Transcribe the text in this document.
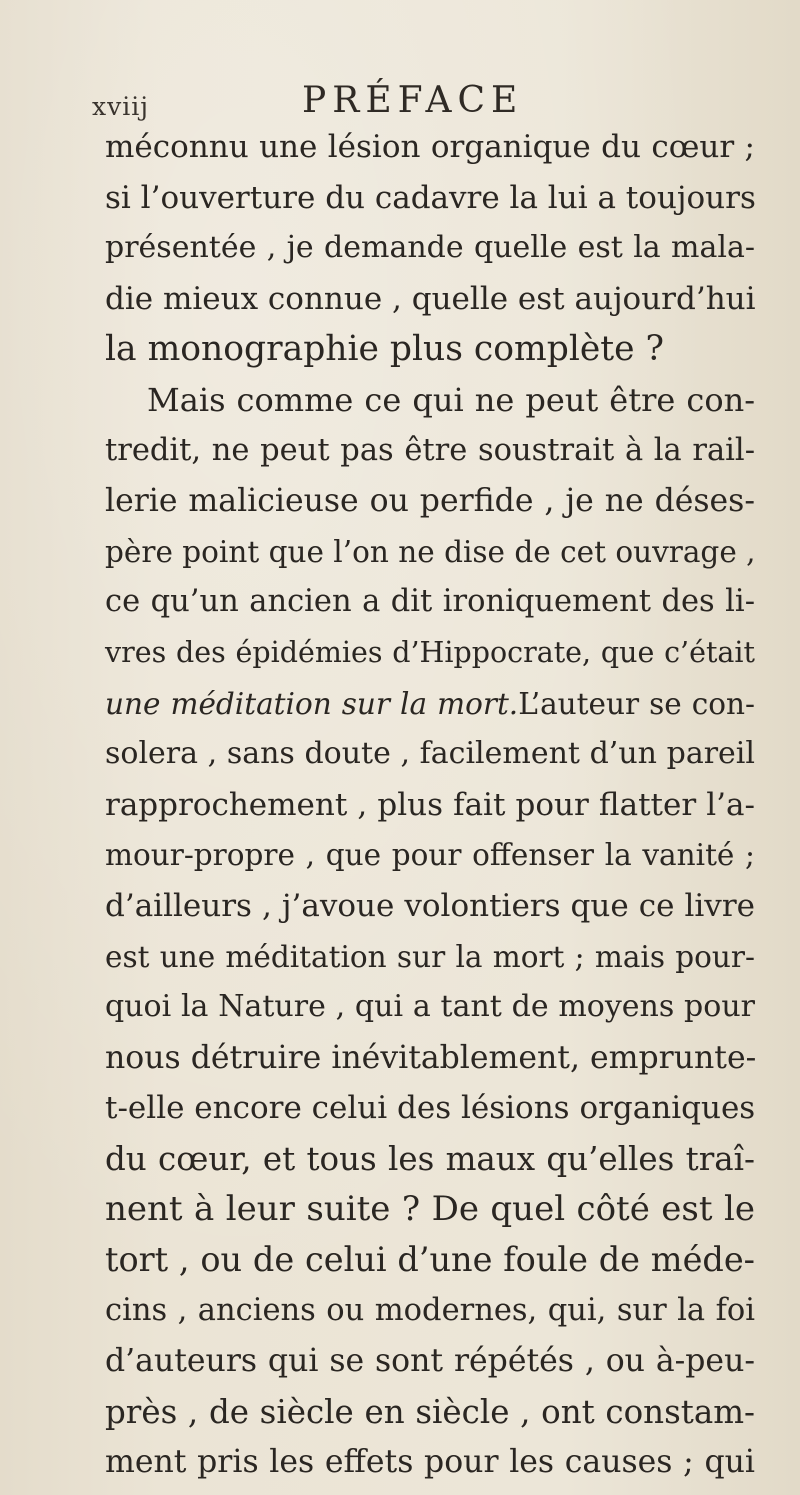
xviij	PRÉFACE
méconnu une lésion organique du cœur ;
si l’ouverture du cadavre la lui a toujours
présentée , je demande quelle est la mala-
die mieux connue , quelle est aujourd’hui
la monographie plus complète ?
Mais comme ce qui ne peut être con-
tredit, ne peut pas être soustrait à la rail-
lerie malicieuse ou perfide , je ne déses-
père point que l’on ne dise de cet ouvrage ,
ce qu’un ancien a dit ironiquement des li-
vres des épidémies d’Hippocrate, que c’était
une méditation sur la mort.L’auteur se con-
solera , sans doute , facilement d’un pareil
rapprochement , plus fait pour flatter l’a-
mour-propre , que pour offenser la vanité ;
d’ailleurs , j’avoue volontiers que ce livre
est une méditation sur la mort ; mais pour-
quoi la Nature , qui a tant de moyens pour
nous détruire inévitablement, emprunte-
t-elle encore celui des lésions organiques
du cœur, et tous les maux qu’elles traî-
nent à leur suite ? De quel côté est le
tort , ou de celui d’une foule de méde-
cins , anciens ou modernes, qui, sur la foi
d’auteurs qui se sont répétés , ou à-peu-
près , de siècle en siècle , ont constam-
ment pris les effets pour les causes ; qui
